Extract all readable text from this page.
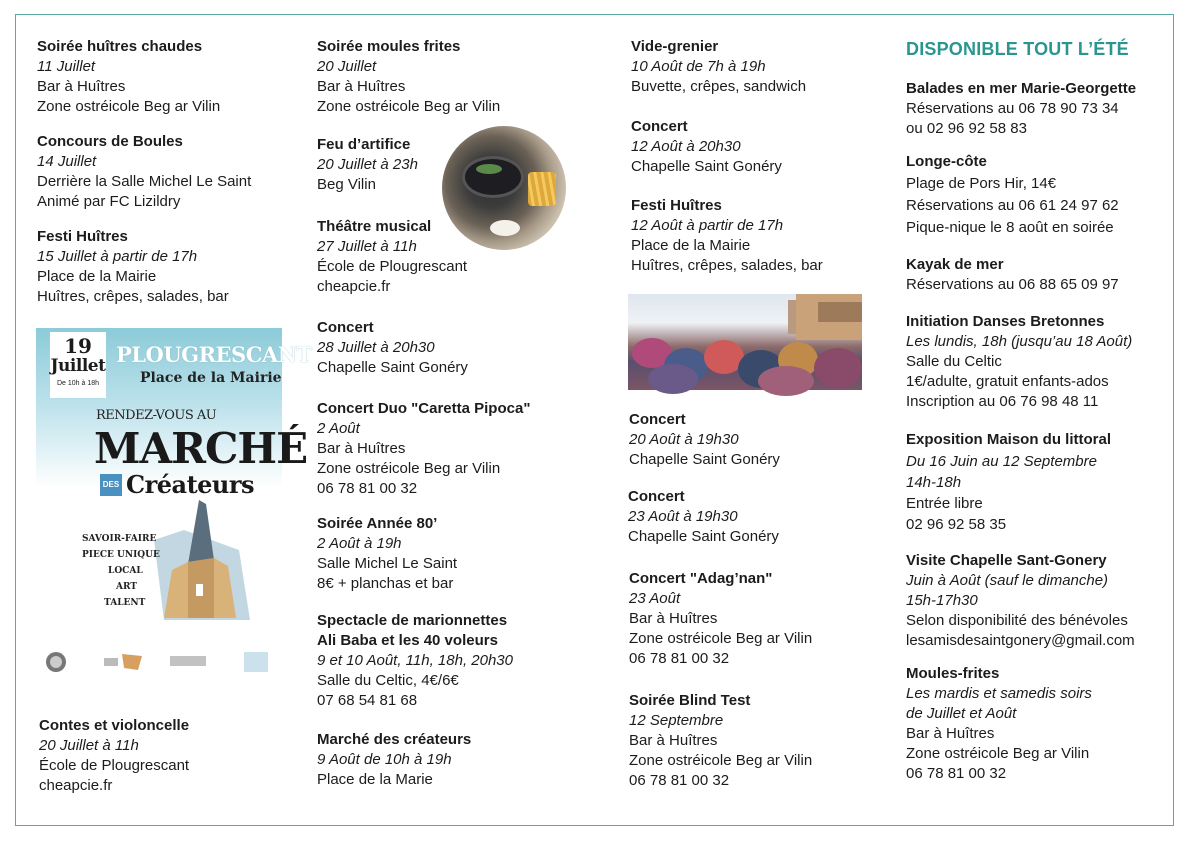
Soirée huîtres chaudes
11 Juillet
Bar à Huîtres
Zone ostréicole Beg ar Vilin
Concours de Boules
14 Juillet
Derrière la Salle Michel Le Saint
Animé par FC Lizildry
Festi Huîtres
15 Juillet à partir de 17h
Place de la Mairie
Huîtres, crêpes, salades, bar
19
Juillet
De 10h à 18h
PLOUGRESCANT
Place de la Mairie
RENDEZ-VOUS AU
MARCHÉ
DES Créateurs
SAVOIR-FAIRE
PIECE UNIQUE
LOCAL
ART
TALENT
Contes et violoncelle
20 Juillet à 11h
École de Plougrescant
cheapcie.fr
Soirée moules frites
20 Juillet
Bar à Huîtres
Zone ostréicole Beg ar Vilin
Feu d’artifice
20 Juillet à 23h
Beg Vilin
Théâtre musical
27 Juillet à 11h
École de Plougrescant
cheapcie.fr
Concert
28 Juillet à 20h30
Chapelle Saint Gonéry
Concert Duo "Caretta Pipoca"
2 Août
Bar à Huîtres
Zone ostréicole Beg ar Vilin
06 78 81 00 32
Soirée Année 80’
2 Août à 19h
Salle Michel Le Saint
8€ + planchas et bar
Spectacle de marionnettes
Ali Baba et les 40 voleurs
9 et 10 Août, 11h, 18h, 20h30
Salle du Celtic, 4€/6€
07 68 54 81 68
Marché des créateurs
9 Août de 10h à 19h
Place de la Marie
Vide-grenier
10 Août de 7h à 19h
Buvette, crêpes, sandwich
Concert
12 Août à 20h30
Chapelle Saint Gonéry
Festi Huîtres
12 Août à partir de 17h
Place de la Mairie
Huîtres, crêpes, salades, bar
Concert
20 Août à 19h30
Chapelle Saint Gonéry
Concert
23 Août à 19h30
Chapelle Saint Gonéry
Concert "Adag’nan"
23 Août
Bar à Huîtres
Zone ostréicole Beg ar Vilin
06 78 81 00 32
Soirée Blind Test
12 Septembre
Bar à Huîtres
Zone ostréicole Beg ar Vilin
06 78 81 00 32
DISPONIBLE TOUT L’ÉTÉ
Balades en mer Marie-Georgette
Réservations au 06 78 90 73 34
ou 02 96 92 58 83
Longe-côte
Plage de Pors Hir, 14€
Réservations au 06 61 24 97 62
Pique-nique le 8 août en soirée
Kayak de mer
Réservations au 06 88 65 09 97
Initiation Danses Bretonnes
Les lundis, 18h (jusqu’au 18 Août)
Salle du Celtic
1€/adulte, gratuit enfants-ados
Inscription au 06 76 98 48 11
Exposition Maison du littoral
Du 16 Juin au 12 Septembre
14h-18h
Entrée libre
02 96 92 58 35
Visite Chapelle Sant-Gonery
Juin à Août (sauf le dimanche)
15h-17h30
Selon disponibilité des bénévoles
lesamisdesaintgonery@gmail.com
Moules-frites
Les mardis et samedis soirs
de Juillet et Août
Bar à Huîtres
Zone ostréicole Beg ar Vilin
06 78 81 00 32
